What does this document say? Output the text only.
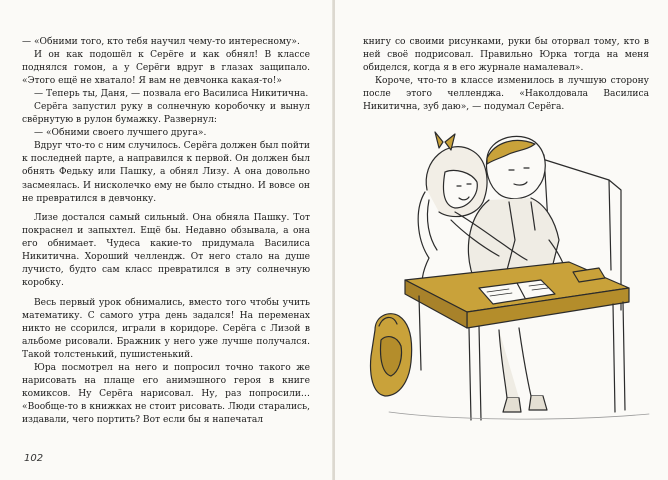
— «Обними того, кто тебя научил чему-то интересному».

И он как подошёл к Серёге и как обнял! В классе поднялся гомон, а у Серёги вдруг в глазах защипало. «Этого ещё не хватало! Я вам не девчонка какая-то!»

— Теперь ты, Даня, — позвала его Василиса Никитична.

Серёга запустил руку в солнечную коробочку и вынул свёрнутую в рулон бумажку. Развернул:

— «Обними своего лучшего друга».

Вдруг что-то с ним случилось. Серёга должен был пойти к последней парте, а направился к первой. Он должен был обнять Федьку или Пашку, а обнял Лизу. А она довольно засмеялась. И нисколечко ему не было стыдно. И вовсе он не превратился в девчонку.

Лизе достался самый сильный. Она обняла Пашку. Тот покраснел и запыхтел. Ещё бы. Недавно обзывала, а она его обнимает. Чудеса какие-то придумала Василиса Никитична. Хороший челлендж. От него стало на душе лучисто, будто сам класс превратился в эту солнечную коробку.

Весь первый урок обнимались, вместо того чтобы учить математику. С самого утра день задался! На переменах никто не ссорился, играли в коридоре. Серёга с Лизой в альбоме рисовали. Бражник у него уже лучше получался. Такой толстенький, пушистенький.

Юра посмотрел на него и попросил точно такого же нарисовать на плаще его анимэшного героя в книге комиксов. Ну Серёга нарисовал. Ну, раз попросили… «Вообще-то в книжках не стоит рисовать. Люди старались, издавали, чего портить? Вот если бы я напечатал

102

книгу со своими рисунками, руки бы оторвал тому, кто в ней своё подрисовал. Правильно Юрка тогда на меня обиделся, когда я в его журнале намалевал».

Короче, что-то в классе изменилось в лучшую сторону после этого челленджа. «Наколдовала Василиса Никитична, зуб даю», — подумал Серёга.
